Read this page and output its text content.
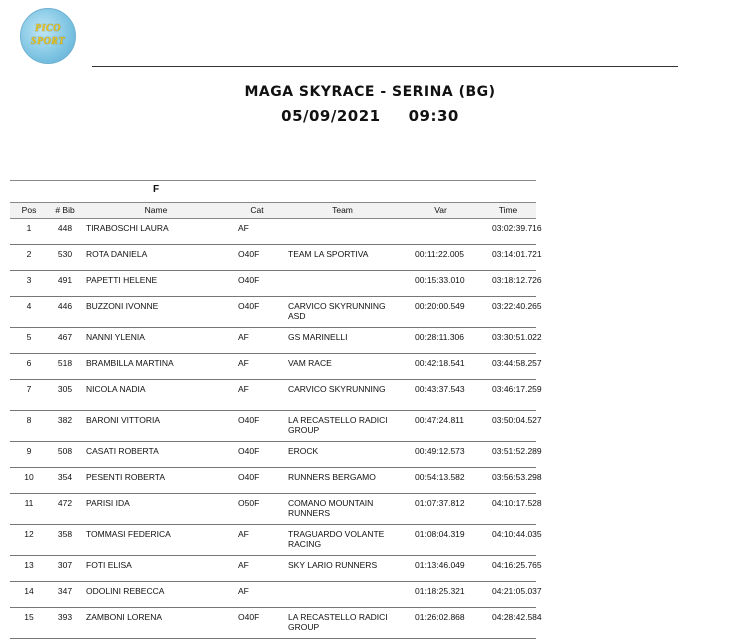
PICO
SPORT
MAGA SKYRACE - SERINA (BG)
05/09/2021 09:30
		F				
Pos	# Bib	Name	Cat	Team	Var	Time
1	448	TIRABOSCHI LAURA	AF			03:02:39.716
2	530	ROTA DANIELA	O40F	TEAM LA SPORTIVA	00:11:22.005	03:14:01.721
3	491	PAPETTI HELENE	O40F		00:15:33.010	03:18:12.726
4	446	BUZZONI IVONNE	O40F	CARVICO SKYRUNNING ASD	00:20:00.549	03:22:40.265
5	467	NANNI YLENIA	AF	GS MARINELLI	00:28:11.306	03:30:51.022
6	518	BRAMBILLA MARTINA	AF	VAM RACE	00:42:18.541	03:44:58.257
7	305	NICOLA NADIA	AF	CARVICO SKYRUNNING	00:43:37.543	03:46:17.259
8	382	BARONI VITTORIA	O40F	LA RECASTELLO RADICI GROUP	00:47:24.811	03:50:04.527
9	508	CASATI ROBERTA	O40F	EROCK	00:49:12.573	03:51:52.289
10	354	PESENTI ROBERTA	O40F	RUNNERS BERGAMO	00:54:13.582	03:56:53.298
11	472	PARISI IDA	O50F	COMANO MOUNTAIN RUNNERS	01:07:37.812	04:10:17.528
12	358	TOMMASI FEDERICA	AF	TRAGUARDO VOLANTE RACING	01:08:04.319	04:10:44.035
13	307	FOTI ELISA	AF	SKY LARIO RUNNERS	01:13:46.049	04:16:25.765
14	347	ODOLINI REBECCA	AF		01:18:25.321	04:21:05.037
15	393	ZAMBONI LORENA	O40F	LA RECASTELLO RADICI GROUP	01:26:02.868	04:28:42.584
